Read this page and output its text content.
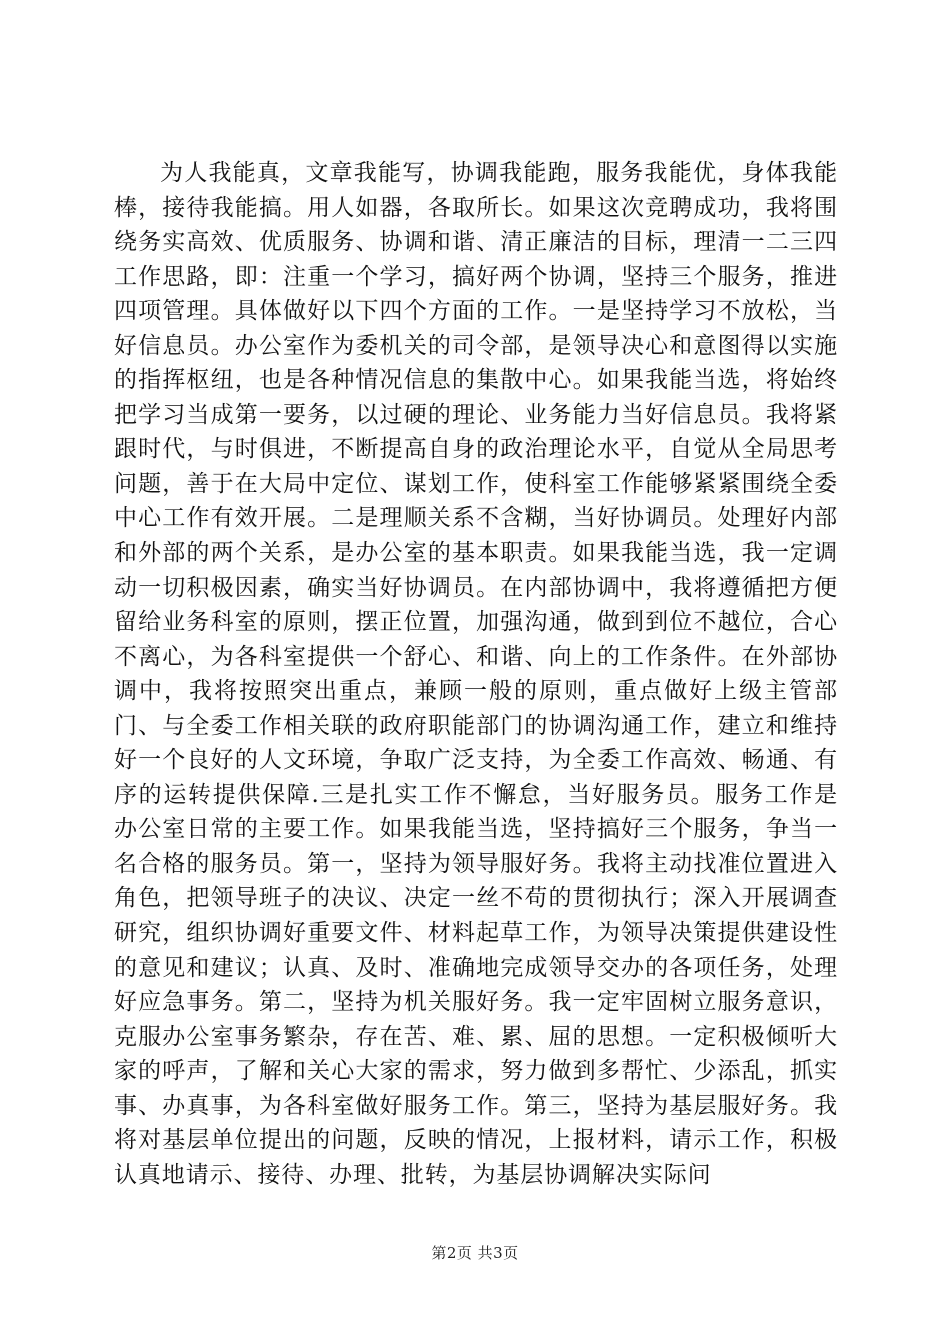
为人我能真，文章我能写，协调我能跑，服务我能优，身体我能棒，接待我能搞。用人如器，各取所长。如果这次竞聘成功，我将围绕务实高效、优质服务、协调和谐、清正廉洁的目标，理清一二三四工作思路，即：注重一个学习，搞好两个协调，坚持三个服务，推进四项管理。具体做好以下四个方面的工作。一是坚持学习不放松，当好信息员。办公室作为委机关的司令部，是领导决心和意图得以实施的指挥枢纽，也是各种情况信息的集散中心。如果我能当选，将始终把学习当成第一要务，以过硬的理论、业务能力当好信息员。我将紧跟时代，与时俱进，不断提高自身的政治理论水平，自觉从全局思考问题，善于在大局中定位、谋划工作，使科室工作能够紧紧围绕全委中心工作有效开展。二是理顺关系不含糊，当好协调员。处理好内部和外部的两个关系，是办公室的基本职责。如果我能当选，我一定调动一切积极因素，确实当好协调员。在内部协调中，我将遵循把方便留给业务科室的原则，摆正位置，加强沟通，做到到位不越位，合心不离心，为各科室提供一个舒心、和谐、向上的工作条件。在外部协调中，我将按照突出重点，兼顾一般的原则，重点做好上级主管部门、与全委工作相关联的政府职能部门的协调沟通工作，建立和维持好一个良好的人文环境，争取广泛支持，为全委工作高效、畅通、有序的运转提供保障.三是扎实工作不懈怠，当好服务员。服务工作是办公室日常的主要工作。如果我能当选，坚持搞好三个服务，争当一名合格的服务员。第一，坚持为领导服好务。我将主动找准位置进入角色，把领导班子的决议、决定一丝不苟的贯彻执行；深入开展调查研究，组织协调好重要文件、材料起草工作，为领导决策提供建设性的意见和建议；认真、及时、准确地完成领导交办的各项任务，处理好应急事务。第二，坚持为机关服好务。我一定牢固树立服务意识，克服办公室事务繁杂，存在苦、难、累、屈的思想。一定积极倾听大家的呼声，了解和关心大家的需求，努力做到多帮忙、少添乱，抓实事、办真事，为各科室做好服务工作。第三，坚持为基层服好务。我将对基层单位提出的问题，反映的情况，上报材料，请示工作，积极认真地请示、接待、办理、批转，为基层协调解决实际问

第2页 共3页
